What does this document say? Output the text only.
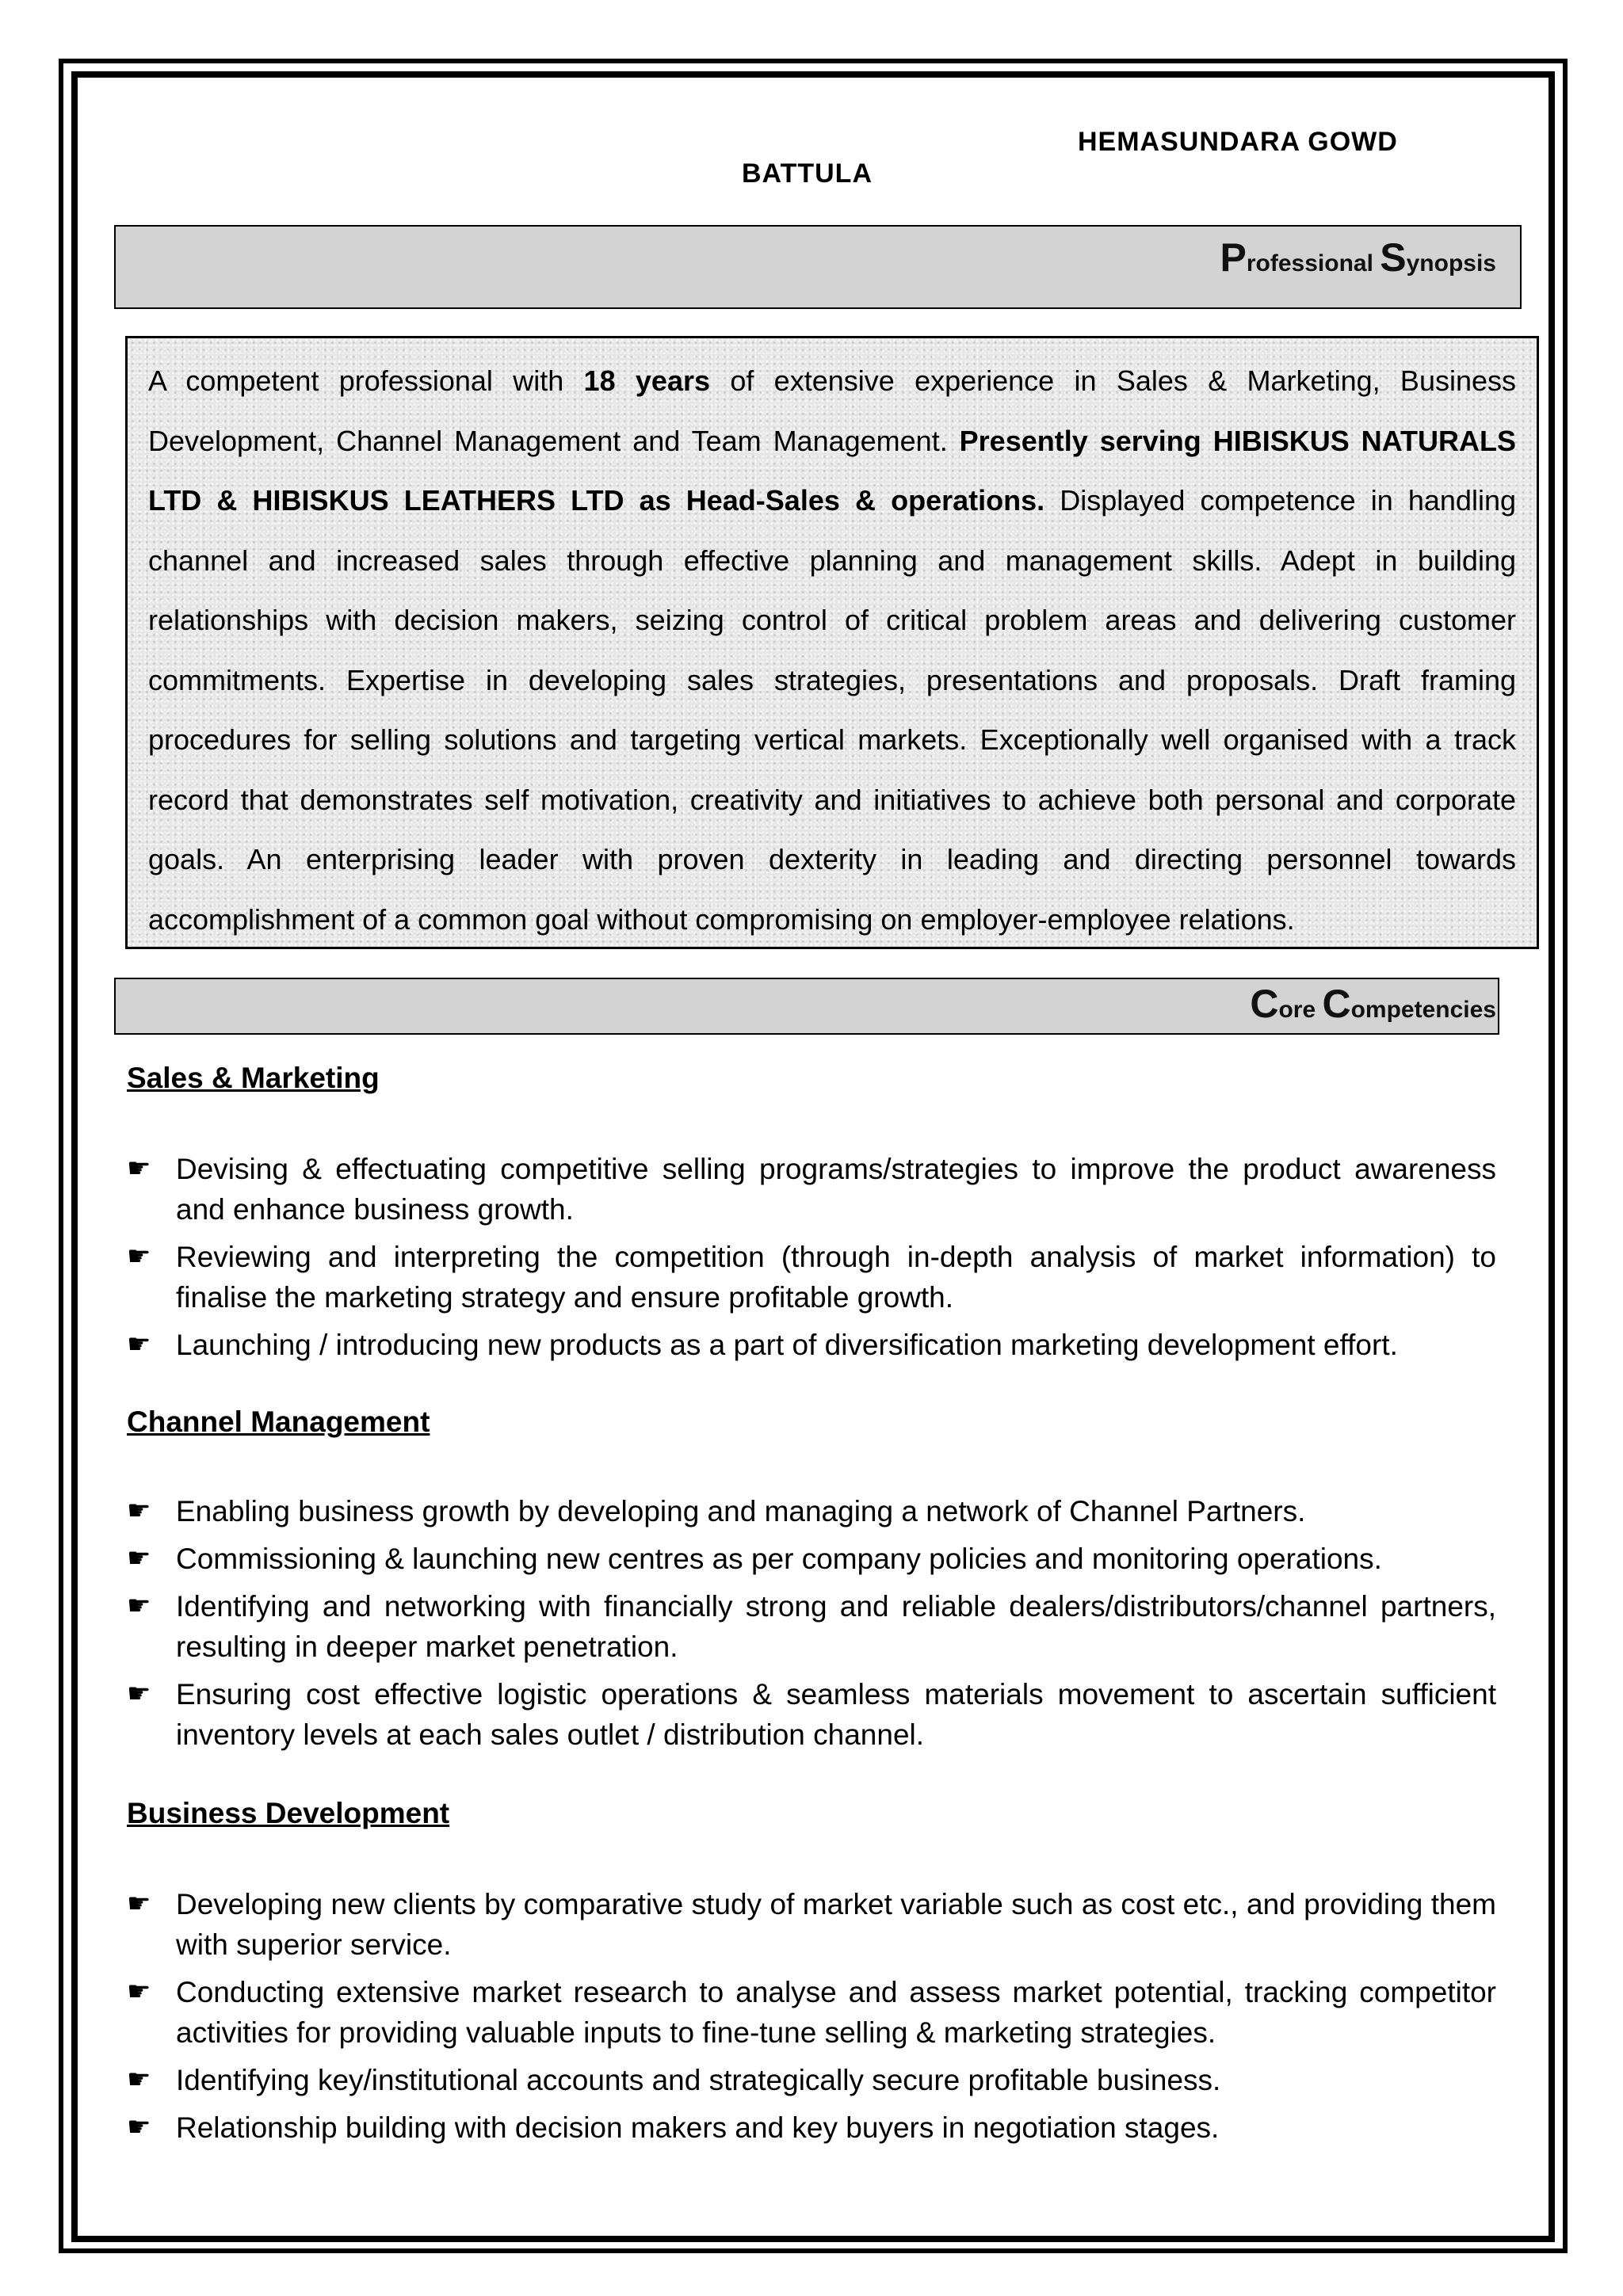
HEMASUNDARA GOWD
BATTULA
Professional Synopsis

A competent professional with 18 years of extensive experience in Sales & Marketing, Business Development, Channel Management and Team Management. Presently serving HIBISKUS NATURALS LTD & HIBISKUS LEATHERS LTD as Head-Sales & operations. Displayed competence in handling channel and increased sales through effective planning and management skills. Adept in building relationships with decision makers, seizing control of critical problem areas and delivering customer commitments. Expertise in developing sales strategies, presentations and proposals. Draft framing procedures for selling solutions and targeting vertical markets. Exceptionally well organised with a track record that demonstrates self motivation, creativity and initiatives to achieve both personal and corporate goals. An enterprising leader with proven dexterity in leading and directing personnel towards accomplishment of a common goal without compromising on employer-employee relations.

Core Competencies
Sales & Marketing
☛ Devising & effectuating competitive selling programs/strategies to improve the product awareness and enhance business growth.
☛ Reviewing and interpreting the competition (through in-depth analysis of market information) to finalise the marketing strategy and ensure profitable growth.
☛ Launching / introducing new products as a part of diversification marketing development effort.
Channel Management
☛ Enabling business growth by developing and managing a network of Channel Partners.
☛ Commissioning & launching new centres as per company policies and monitoring operations.
☛ Identifying and networking with financially strong and reliable dealers/distributors/channel partners, resulting in deeper market penetration.
☛ Ensuring cost effective logistic operations & seamless materials movement to ascertain sufficient inventory levels at each sales outlet / distribution channel.
Business Development
☛ Developing new clients by comparative study of market variable such as cost etc., and providing them with superior service.
☛ Conducting extensive market research to analyse and assess market potential, tracking competitor activities for providing valuable inputs to fine-tune selling & marketing strategies.
☛ Identifying key/institutional accounts and strategically secure profitable business.
☛ Relationship building with decision makers and key buyers in negotiation stages.
